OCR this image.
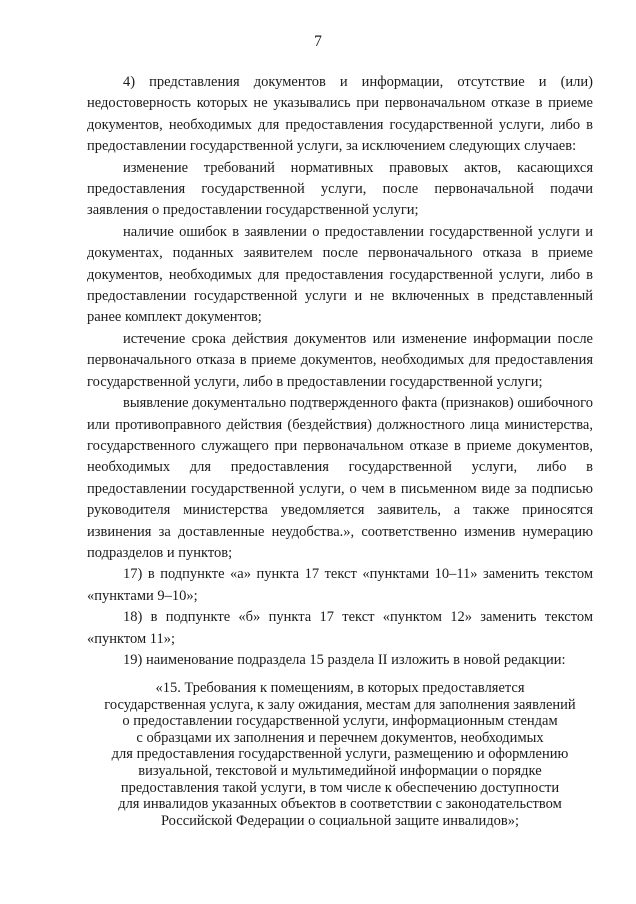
7

4) представления документов и информации, отсутствие и (или) недостоверность которых не указывались при первоначальном отказе в приеме документов, необходимых для предоставления государственной услуги, либо в предоставлении государственной услуги, за исключением следующих случаев:

изменение требований нормативных правовых актов, касающихся предоставления государственной услуги, после первоначальной подачи заявления о предоставлении государственной услуги;

наличие ошибок в заявлении о предоставлении государственной услуги и документах, поданных заявителем после первоначального отказа в приеме документов, необходимых для предоставления государственной услуги, либо в предоставлении государственной услуги и не включенных в представленный ранее комплект документов;

истечение срока действия документов или изменение информации после первоначального отказа в приеме документов, необходимых для предоставления государственной услуги, либо в предоставлении государственной услуги;

выявление документально подтвержденного факта (признаков) ошибочного или противоправного действия (бездействия) должностного лица министерства, государственного служащего при первоначальном отказе в приеме документов, необходимых для предоставления государственной услуги, либо в предоставлении государственной услуги, о чем в письменном виде за подписью руководителя министерства уведомляется заявитель, а также приносятся извинения за доставленные неудобства.», соответственно изменив нумерацию подразделов и пунктов;

17) в подпункте «а» пункта 17 текст «пунктами 10–11» заменить текстом «пунктами 9–10»;

18) в подпункте «б» пункта 17 текст «пунктом 12» заменить текстом «пунктом 11»;

19) наименование подраздела 15 раздела II изложить в новой редакции:

«15. Требования к помещениям, в которых предоставляется
государственная услуга, к залу ожидания, местам для заполнения заявлений
о предоставлении государственной услуги, информационным стендам
с образцами их заполнения и перечнем документов, необходимых
для предоставления государственной услуги, размещению и оформлению
визуальной, текстовой и мультимедийной информации о порядке
предоставления такой услуги, в том числе к обеспечению доступности
для инвалидов указанных объектов в соответствии с законодательством
Российской Федерации о социальной защите инвалидов»;
